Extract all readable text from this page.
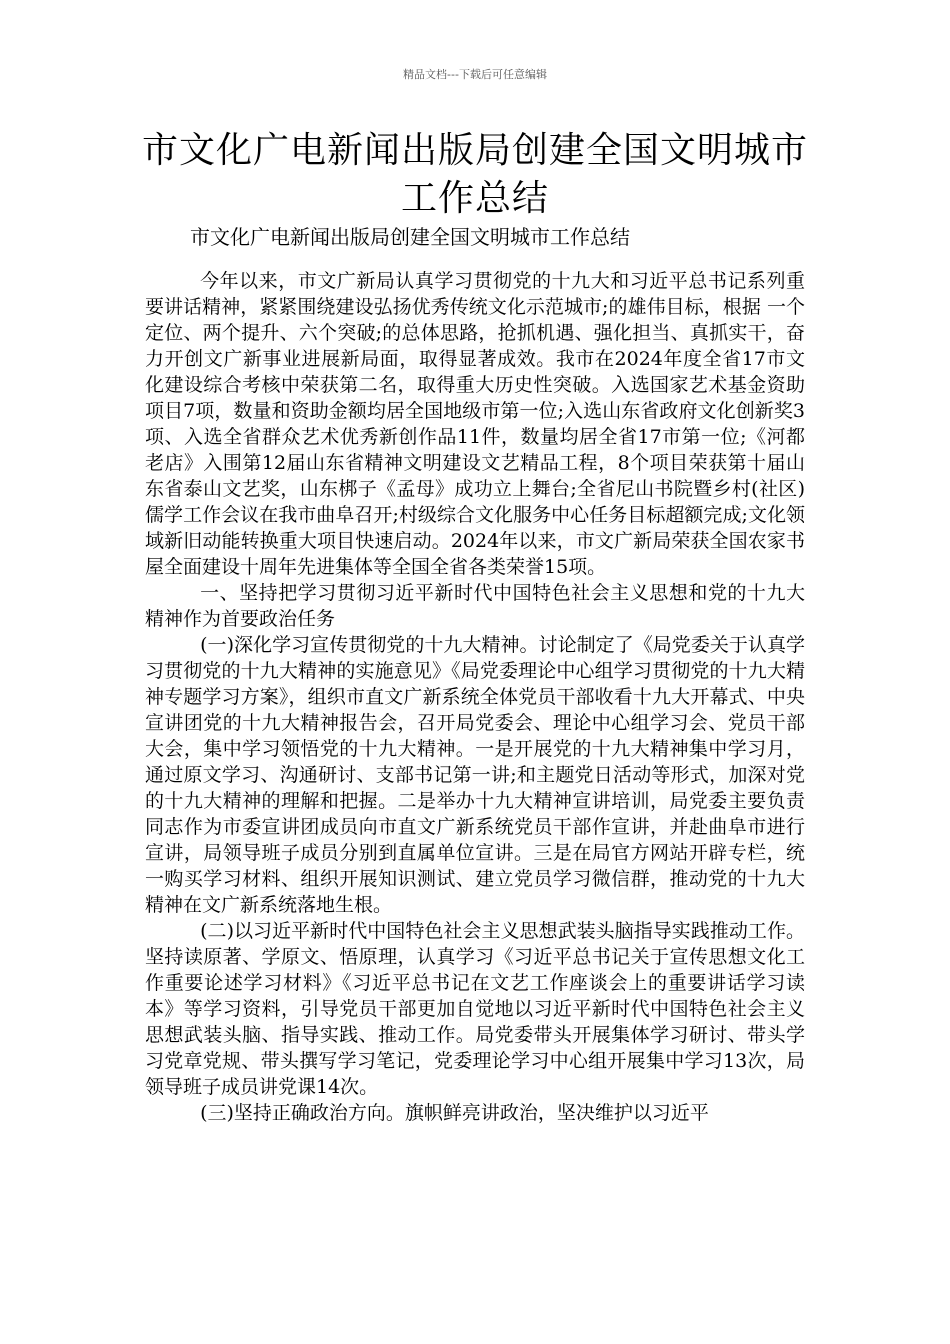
精品文档---下载后可任意编辑
市文化广电新闻出版局创建全国文明城市工作总结
市文化广电新闻出版局创建全国文明城市工作总结

今年以来，市文广新局认真学习贯彻党的十九大和习近平总书记系列重要讲话精神，紧紧围绕建设弘扬优秀传统文化示范城市;的雄伟目标，根据 一个定位、两个提升、六个突破;的总体思路，抢抓机遇、强化担当、真抓实干，奋力开创文广新事业进展新局面，取得显著成效。我市在2024年度全省17市文化建设综合考核中荣获第二名，取得重大历史性突破。入选国家艺术基金资助项目7项，数量和资助金额均居全国地级市第一位;入选山东省政府文化创新奖3项、入选全省群众艺术优秀新创作品11件，数量均居全省17市第一位;《河都老店》入围第12届山东省精神文明建设文艺精品工程，8个项目荣获第十届山东省泰山文艺奖，山东梆子《孟母》成功立上舞台;全省尼山书院暨乡村(社区)儒学工作会议在我市曲阜召开;村级综合文化服务中心任务目标超额完成;文化领域新旧动能转换重大项目快速启动。2024年以来，市文广新局荣获全国农家书屋全面建设十周年先进集体等全国全省各类荣誉15项。

一、坚持把学习贯彻习近平新时代中国特色社会主义思想和党的十九大精神作为首要政治任务

(一)深化学习宣传贯彻党的十九大精神。讨论制定了《局党委关于认真学习贯彻党的十九大精神的实施意见》《局党委理论中心组学习贯彻党的十九大精神专题学习方案》，组织市直文广新系统全体党员干部收看十九大开幕式、中央宣讲团党的十九大精神报告会，召开局党委会、理论中心组学习会、党员干部大会，集中学习领悟党的十九大精神。一是开展党的十九大精神集中学习月，通过原文学习、沟通研讨、支部书记第一讲;和主题党日活动等形式，加深对党的十九大精神的理解和把握。二是举办十九大精神宣讲培训，局党委主要负责同志作为市委宣讲团成员向市直文广新系统党员干部作宣讲，并赴曲阜市进行宣讲，局领导班子成员分别到直属单位宣讲。三是在局官方网站开辟专栏，统一购买学习材料、组织开展知识测试、建立党员学习微信群，推动党的十九大精神在文广新系统落地生根。

(二)以习近平新时代中国特色社会主义思想武装头脑指导实践推动工作。坚持读原著、学原文、悟原理，认真学习《习近平总书记关于宣传思想文化工作重要论述学习材料》《习近平总书记在文艺工作座谈会上的重要讲话学习读本》等学习资料，引导党员干部更加自觉地以习近平新时代中国特色社会主义思想武装头脑、指导实践、推动工作。局党委带头开展集体学习研讨、带头学习党章党规、带头撰写学习笔记，党委理论学习中心组开展集中学习13次，局领导班子成员讲党课14次。

(三)坚持正确政治方向。旗帜鲜亮讲政治，坚决维护以习近平
